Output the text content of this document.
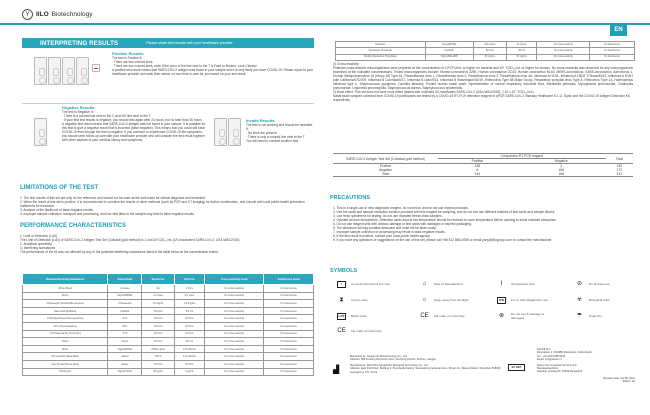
Y	IILO Biotechnology
EN
INTERPRETING RESULTS	Please share test results with your healthcare provider
Positive Results:
The test is Positive if:
· There are two colored-lines.
· There are two colored-lines, even if the color of the line next to the T is Faint or Broken. Look Closely!
A positive test result means that SARS-COV-2 antigen was found in your sample and it is very likely you have COVID-19. Please report to your healthcare provider and seek their advice on how best to care for you based on your test result.
Negative Results:
The test is Negative if:
· There is a colored-line next to the C and NO line next to the T.
· If your first test results is negative, you should test again after 24 hours, but no later than 36 hours.
A negative test result means that SARS-CoV-2 antigen was not found in your sample. It is possible for this test to give a negative result that is incorrect (false negative). This means that you could still have COVID-19 even though the test is negative. If you continue to experience COVID-19 like symptoms, you should seek follow up care with your healthcare provider who will consider the test result together with other aspects of your medical history and symptoms.
Invalid Results:
The test is not working and should be repeated if:
· No lines are present.
· There is only a colored-line next to the T.
You will need to conduct another test.
LIMITATIONS OF THE TEST
1. The test results of this set are only for the reference and should not be used as the sole basis for clinical diagnosis and treatment.
2. When the result of test set is positive, it is recommended to combine the results of other methods (such as PCR and CT imaging) for further confirmation, and consult with local public health prevention institutions for treatment.
3. Analysis of the likelihood of false-negative results.
4. Improper sample collection, transport and processing, and low viral titers in the sample may lead to false negative results.
PERFORMANCE CHARACTERISTICS
1. Limit of Detection (LoD)
The Limit of Detection (LoD) of SARS-CoV-2 Antigen Test Set (Colloidal gold method) is 1.44x10³TCID₅₀/mL (UV-inactivated SARS-CoV-2, USA-WA1/2020).
2. Analytical specificity
1) Interfering substances
The performance of the kit was not affected by any of the potential interfering substances listed in the table below at the concentration tested.
Potential Interfering Substances	Source/Cat#	Stock Con.	Test Con.	Cross-reactivity result	Interference result
Whole Blood	In-house	NA	4 %v/v	No cross-reactivity	No interference
Mucin	Sigma/M3895	2.0 %w/v	0.5 %w/v	No cross-reactivity	No interference
Chloraseptic (Menthol/Benzocaine)	Chloraseptic	15 mg/mL	1.5 mg/mL	No cross-reactivity	No interference
Naso GEL (NeilMed)	NeilMed	50 %v/v	5% v/v	No cross-reactivity	No interference
CVS Nasal Drops (Phenylephrine)	CVS	30 %v/v	15 %v/v	No cross-reactivity	No interference
Afrin (Oxymetazoline)	Afrin	30 %v/v	15 %v/v	No cross-reactivity	No interference
CVS Nasal Spray (Cromolyn)	CVS	30 %v/v	15 %v/v	No cross-reactivity	No interference
Zicam	Zicam	50 %v/v	5% v/v	No cross-reactivity	No interference
Biotin	Sigma/B4501	75000 ng/mL	1:10 dilution	No cross-reactivity	No interference
Homeopathic Nasal Wash	Alkalol	100 %	1:10 dilution	No cross-reactivity	No interference
Sore Throat Phenol Spray	Meijer	30 %v/v	15 %v/v	No cross-reactivity	No interference
Tobramycin	Sigma/T4014	40 μg/mL	4 μg/mL	No cross-reactivity	No interference
Mupirocin	Sigma/M7694	100 mg/mL	10 mg/mL	No cross-reactivity	No interference
Fluticasone Propionate	FluitCare	50 %v/v	5% v/v	No cross-reactivity	No interference
Tamiflu (Oseltamivir Phosphate)	Sigma/SML1606	50 mg/mL	50 mg/mL	No cross-reactivity	No interference
2) Cross-reactivity
Potential cross-reactive microorganisms were prepared at the concentration of 10⁵CFU/mL or higher for bacteria and 10⁵ TCID₅₀/mL or higher for viruses. No cross-reactivity was observed for any microorganisms examined at the indicated concentrations. Tested microorganisms include: Human coronavirus 229E, Human coronavirus OC43, Human coronavirus NL63, MERS-coronavirus, SARS-coronavirus, Adenovirus 1, Human Metapneumovirus 16 (Hmpv-16) Type A1, Parainfluenza virus 1, Parainfluenza virus 2, Parainfluenza virus 3, Parainfluenza virus 4A, Influenza A H1N1, Influenza A H3N2 T/Texas/50/12, Influenza A H1N1 pdm California/07/2009, Influenza B Colorado/6/17, Influenza B Utah/9/14, Influenza B Washington/02/19, Enterovirus Type 68 Major Group, Respiratory syncytial virus Type A, Rhinovirus Type 1A, Haemophilus influenza type b, Streptococcus pyogenes, Candida albicans, Pooled human nasal wash: representative of normal respiratory microbial flora, Bordetella pertussis, Mycoplasma pneumoniae, Chlamydia pneumoniae, Legionella pneumophila, Staphylococcus aureus, Staphylococcus epidermidis.
3) Hook effect: This set does not have hook effect (tested with undiluted UV-inactivated SARS-CoV-2 (USA-WA1/2020), 1.15 x 10⁷ TCID₅₀/mL).
Nasal swab samples collected from COVID-19 participants are tested by a COVID-19 RT-PCR detection reagent of qPCR SARS-CoV-2 Vitassay Healthcare S.L.U. Spain and the COVID-19 Antigen Detection Kit, respectively.
SARS-CoV-2 Antigen Test Set (Colloidal gold method)	Comparator RT-PCR reagent		Total
	Positive	Negative	
Positive	138	2	140
Negative	6	166	172
Total	144	168	312
PRECAUTIONS
1. This is a single-use in vitro diagnostic reagent, do not reuse, and do not use expired products.
2. Use the swab and sample extraction solution provided with this reagent for sampling, and do not mix use different batches of test cards and sample diluent.
3. Use fresh specimens for testing, do not use repeated freeze-thaw samples.
4. Operate at room temperature. Detection cards kept at low temperature should be restored to room temperature before opening to avoid moisture absorption.
5. Do not use reagent sets with obvious damage or test cards with damaged or expired packaging.
6. The aluminum foil bag contains desiccant and must not be taken orally.
7. Improper sample collection or processing may result in false-negative results.
8. If the test result is positive, contact your local public health agency.
9. If you have any questions or suggestions on the use of this set, please call +86 512 86614005 or email panyi@iilogroup.com to contact the manufacturer.
SYMBOLS
i	Consult Instructions For Use	⌂	Date of Manufacturer	⌇	Temperature limit	⊘	Do Not Re-use
⧗	Use-by date	☼	Keep away from Sunlight	IVD	For In Vitro Diagnostic Use	☣	Biological risks
LOT	Batch code	CE CE mark of conformity	⊗	Do not use if package is damaged	☂	Keep Dry
CE CE mark of conformity
▟
Manufacturer: Jiangsu Iilo Biotechnology Co., Ltd.
Address: 588 Fenfeng Rd Fenhu Town, Wuzhong District, Suzhou, Jiangsu
Manufacturer: Shenzhen KangZhelin Biological Technology Co., Ltd.
Address: East 1/3rd floor, Building 2, Shunlianda factory, Sanweidong industrial zone, Shiyan St., Baoan District, Shenzhen 518000 Guangdong, P.R. China
EC REP
PaxiCE B.V.
Weurdplein 2, 3016BM Rotterdam, Netherlands
Tel.: +31 (0)10 888 8445
Email: pm@paxice.nl
Share info Consultant Service LLC
Repräsentanzbüro
Heerdter Lohweg 83, 40549 Düsseldorf
Revision date: Apr.09, 2021
Edition: A0
